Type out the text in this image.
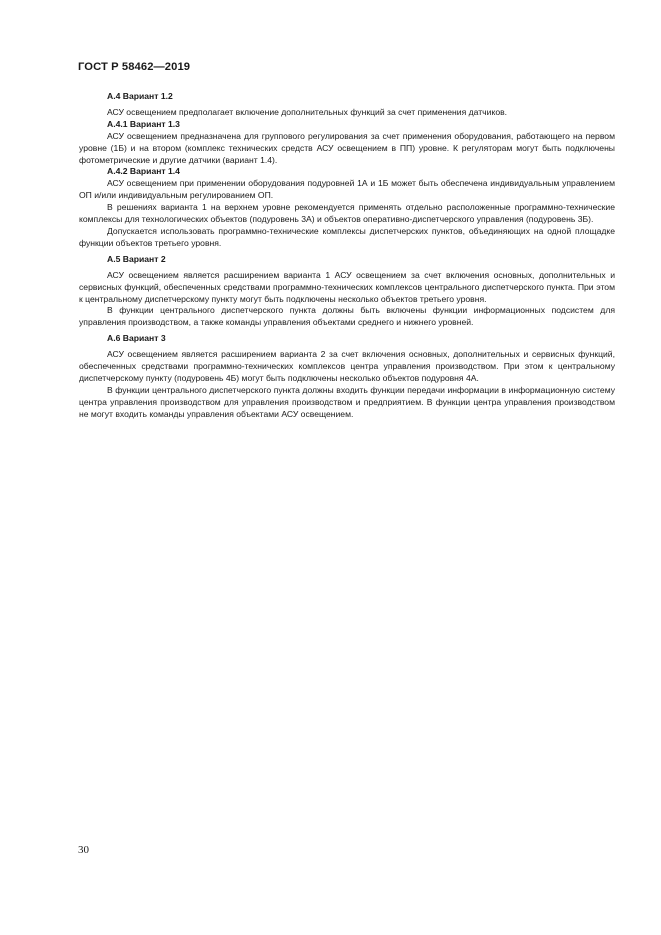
ГОСТ Р 58462—2019

А.4 Вариант 1.2

АСУ освещением предполагает включение дополнительных функций за счет применения датчиков.

А.4.1 Вариант 1.3

АСУ освещением предназначена для группового регулирования за счет применения оборудования, работающего на первом уровне (1Б) и на втором (комплекс технических средств АСУ освещением в ПП) уровне. К регуляторам могут быть подключены фотометрические и другие датчики (вариант 1.4).

А.4.2 Вариант 1.4

АСУ освещением при применении оборудования подуровней 1А и 1Б может быть обеспечена индивидуальным управлением ОП и/или индивидуальным регулированием ОП.

В решениях варианта 1 на верхнем уровне рекомендуется применять отдельно расположенные программно-технические комплексы для технологических объектов (подуровень 3А) и объектов оперативно-диспетчерского управления (подуровень 3Б).

Допускается использовать программно-технические комплексы диспетчерских пунктов, объединяющих на одной площадке функции объектов третьего уровня.

А.5 Вариант 2

АСУ освещением является расширением варианта 1 АСУ освещением за счет включения основных, дополнительных и сервисных функций, обеспеченных средствами программно-технических комплексов центрального диспетчерского пункта. При этом к центральному диспетчерскому пункту могут быть подключены несколько объектов третьего уровня.

В функции центрального диспетчерского пункта должны быть включены функции информационных подсистем для управления производством, а также команды управления объектами среднего и нижнего уровней.

А.6 Вариант 3

АСУ освещением является расширением варианта 2 за счет включения основных, дополнительных и сервисных функций, обеспеченных средствами программно-технических комплексов центра управления производством. При этом к центральному диспетчерскому пункту (подуровень 4Б) могут быть подключены несколько объектов подуровня 4А.

В функции центрального диспетчерского пункта должны входить функции передачи информации в информационную систему центра управления производством для управления производством и предприятием. В функции центра управления производством не могут входить команды управления объектами АСУ освещением.

30
